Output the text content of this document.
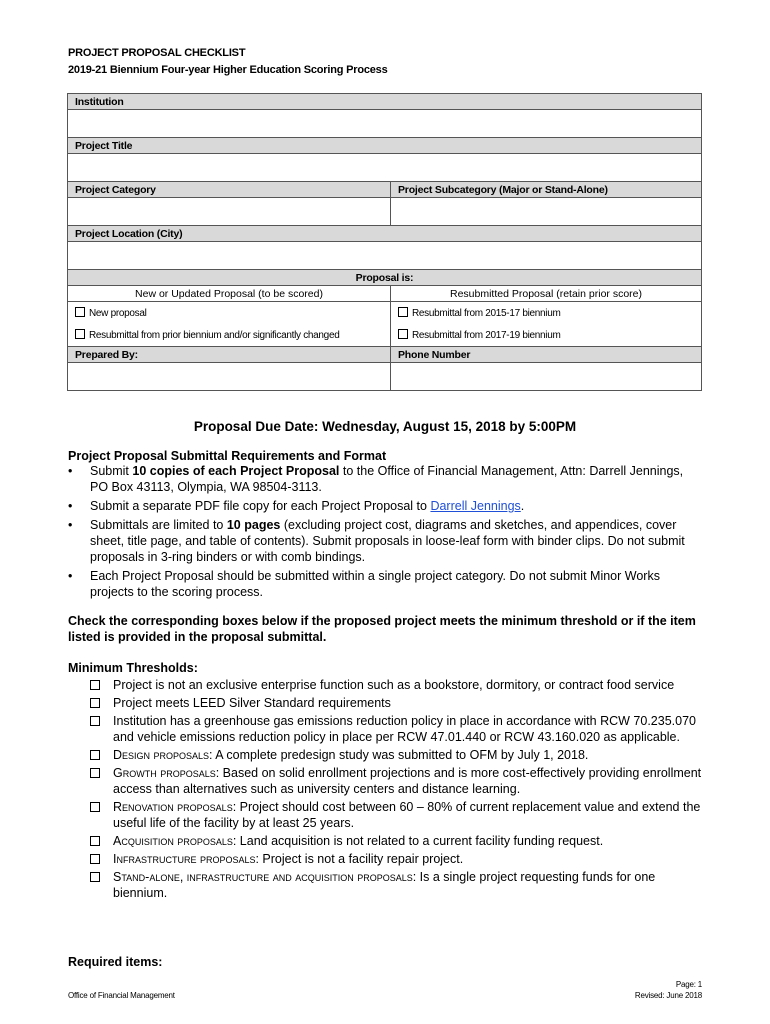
PROJECT PROPOSAL CHECKLIST
2019-21 Biennium Four-year Higher Education Scoring Process
Institution	

Project Title	

Project Category	Project Subcategory (Major or Stand-Alone)

Project Location (City)	

Proposal is:	
New or Updated Proposal (to be scored)	Resubmitted Proposal (retain prior score)
New proposal	Resubmittal from 2015-17 biennium
Resubmittal from prior biennium and/or significantly changed	Resubmittal from 2017-19 biennium
Prepared By:	Phone Number

Proposal Due Date: Wednesday, August 15, 2018 by 5:00PM
Project Proposal Submittal Requirements and Format
• Submit 10 copies of each Project Proposal to the Office of Financial Management, Attn: Darrell Jennings, PO Box 43113, Olympia, WA 98504-3113.
• Submit a separate PDF file copy for each Project Proposal to Darrell Jennings.
• Submittals are limited to 10 pages (excluding project cost, diagrams and sketches, and appendices, cover sheet, title page, and table of contents). Submit proposals in loose-leaf form with binder clips. Do not submit proposals in 3-ring binders or with comb bindings.
• Each Project Proposal should be submitted within a single project category. Do not submit Minor Works projects to the scoring process.
Check the corresponding boxes below if the proposed project meets the minimum threshold or if the item listed is provided in the proposal submittal.
Minimum Thresholds:
Project is not an exclusive enterprise function such as a bookstore, dormitory, or contract food service
Project meets LEED Silver Standard requirements
Institution has a greenhouse gas emissions reduction policy in place in accordance with RCW 70.235.070 and vehicle emissions reduction policy in place per RCW 47.01.440 or RCW 43.160.020 as applicable.
Design proposals: A complete predesign study was submitted to OFM by July 1, 2018.
Growth proposals: Based on solid enrollment projections and is more cost-effectively providing enrollment access than alternatives such as university centers and distance learning.
Renovation proposals: Project should cost between 60 – 80% of current replacement value and extend the useful life of the facility by at least 25 years.
Acquisition proposals: Land acquisition is not related to a current facility funding request.
Infrastructure proposals: Project is not a facility repair project.
Stand-alone, infrastructure and acquisition proposals: Is a single project requesting funds for one biennium.
Required items:
Office of Financial Management
Page: 1
Revised: June 2018
